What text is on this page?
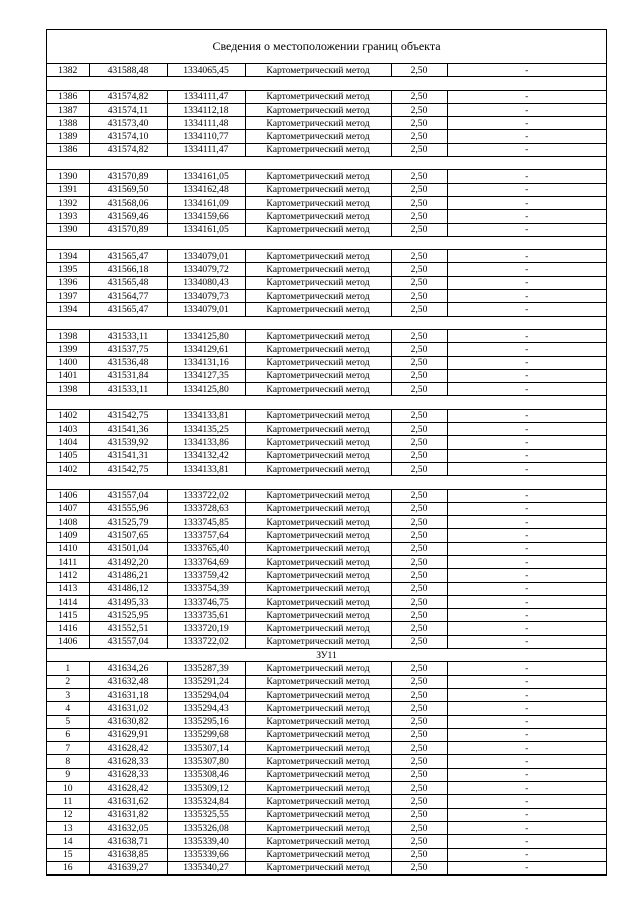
Сведения о местоположении границ объекта
1382	431588,48	1334065,45	Картометрический метод	2,50	-

1386	431574,82	1334111,47	Картометрический метод	2,50	-
1387	431574,11	1334112,18	Картометрический метод	2,50	-
1388	431573,40	1334111,48	Картометрический метод	2,50	-
1389	431574,10	1334110,77	Картометрический метод	2,50	-
1386	431574,82	1334111,47	Картометрический метод	2,50	-

1390	431570,89	1334161,05	Картометрический метод	2,50	-
1391	431569,50	1334162,48	Картометрический метод	2,50	-
1392	431568,06	1334161,09	Картометрический метод	2,50	-
1393	431569,46	1334159,66	Картометрический метод	2,50	-
1390	431570,89	1334161,05	Картометрический метод	2,50	-

1394	431565,47	1334079,01	Картометрический метод	2,50	-
1395	431566,18	1334079,72	Картометрический метод	2,50	-
1396	431565,48	1334080,43	Картометрический метод	2,50	-
1397	431564,77	1334079,73	Картометрический метод	2,50	-
1394	431565,47	1334079,01	Картометрический метод	2,50	-

1398	431533,11	1334125,80	Картометрический метод	2,50	-
1399	431537,75	1334129,61	Картометрический метод	2,50	-
1400	431536,48	1334131,16	Картометрический метод	2,50	-
1401	431531,84	1334127,35	Картометрический метод	2,50	-
1398	431533,11	1334125,80	Картометрический метод	2,50	-

1402	431542,75	1334133,81	Картометрический метод	2,50	-
1403	431541,36	1334135,25	Картометрический метод	2,50	-
1404	431539,92	1334133,86	Картометрический метод	2,50	-
1405	431541,31	1334132,42	Картометрический метод	2,50	-
1402	431542,75	1334133,81	Картометрический метод	2,50	-

1406	431557,04	1333722,02	Картометрический метод	2,50	-
1407	431555,96	1333728,63	Картометрический метод	2,50	-
1408	431525,79	1333745,85	Картометрический метод	2,50	-
1409	431507,65	1333757,64	Картометрический метод	2,50	-
1410	431501,04	1333765,40	Картометрический метод	2,50	-
1411	431492,20	1333764,69	Картометрический метод	2,50	-
1412	431486,21	1333759,42	Картометрический метод	2,50	-
1413	431486,12	1333754,39	Картометрический метод	2,50	-
1414	431495,33	1333746,75	Картометрический метод	2,50	-
1415	431525,95	1333735,61	Картометрический метод	2,50	-
1416	431552,51	1333720,19	Картометрический метод	2,50	-
1406	431557,04	1333722,02	Картометрический метод	2,50	-
ЗУ11					
1	431634,26	1335287,39	Картометрический метод	2,50	-
2	431632,48	1335291,24	Картометрический метод	2,50	-
3	431631,18	1335294,04	Картометрический метод	2,50	-
4	431631,02	1335294,43	Картометрический метод	2,50	-
5	431630,82	1335295,16	Картометрический метод	2,50	-
6	431629,91	1335299,68	Картометрический метод	2,50	-
7	431628,42	1335307,14	Картометрический метод	2,50	-
8	431628,33	1335307,80	Картометрический метод	2,50	-
9	431628,33	1335308,46	Картометрический метод	2,50	-
10	431628,42	1335309,12	Картометрический метод	2,50	-
11	431631,62	1335324,84	Картометрический метод	2,50	-
12	431631,82	1335325,55	Картометрический метод	2,50	-
13	431632,05	1335326,08	Картометрический метод	2,50	-
14	431638,71	1335339,40	Картометрический метод	2,50	-
15	431638,85	1335339,66	Картометрический метод	2,50	-
16	431639,27	1335340,27	Картометрический метод	2,50	-
